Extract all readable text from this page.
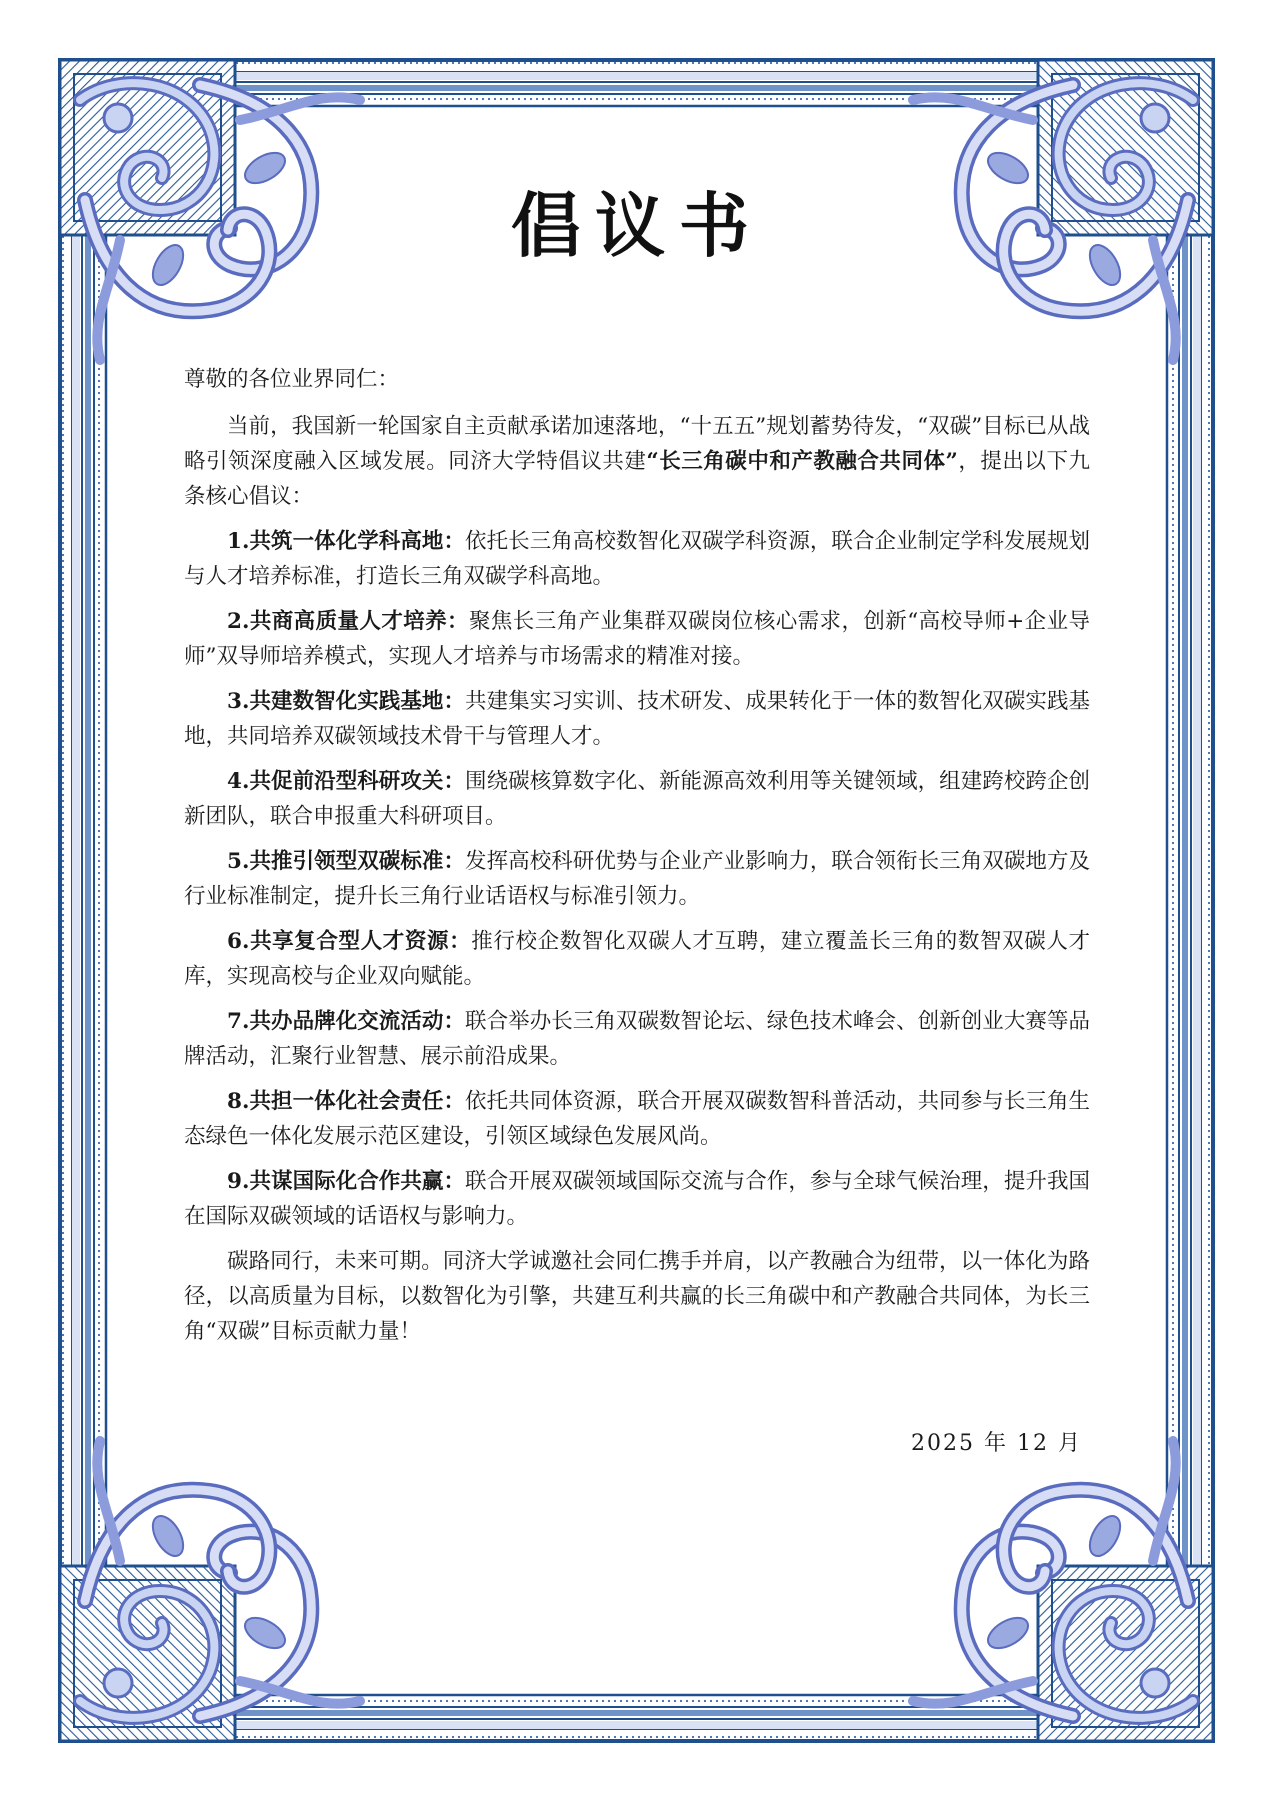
倡议书

尊敬的各位业界同仁：

当前，我国新一轮国家自主贡献承诺加速落地，“十五五”规划蓄势待发，“双碳”目标已从战略引领深度融入区域发展。同济大学特倡议共建“长三角碳中和产教融合共同体”，提出以下九条核心倡议：

1.共筑一体化学科高地：依托长三角高校数智化双碳学科资源，联合企业制定学科发展规划与人才培养标准，打造长三角双碳学科高地。

2.共商高质量人才培养：聚焦长三角产业集群双碳岗位核心需求，创新“高校导师+企业导师”双导师培养模式，实现人才培养与市场需求的精准对接。

3.共建数智化实践基地：共建集实习实训、技术研发、成果转化于一体的数智化双碳实践基地，共同培养双碳领域技术骨干与管理人才。

4.共促前沿型科研攻关：围绕碳核算数字化、新能源高效利用等关键领域，组建跨校跨企创新团队，联合申报重大科研项目。

5.共推引领型双碳标准：发挥高校科研优势与企业产业影响力，联合领衔长三角双碳地方及行业标准制定，提升长三角行业话语权与标准引领力。

6.共享复合型人才资源：推行校企数智化双碳人才互聘，建立覆盖长三角的数智双碳人才库，实现高校与企业双向赋能。

7.共办品牌化交流活动：联合举办长三角双碳数智论坛、绿色技术峰会、创新创业大赛等品牌活动，汇聚行业智慧、展示前沿成果。

8.共担一体化社会责任：依托共同体资源，联合开展双碳数智科普活动，共同参与长三角生态绿色一体化发展示范区建设，引领区域绿色发展风尚。

9.共谋国际化合作共赢：联合开展双碳领域国际交流与合作，参与全球气候治理，提升我国在国际双碳领域的话语权与影响力。

碳路同行，未来可期。同济大学诚邀社会同仁携手并肩，以产教融合为纽带，以一体化为路径，以高质量为目标，以数智化为引擎，共建互利共赢的长三角碳中和产教融合共同体，为长三角“双碳”目标贡献力量！

2025 年 12 月
